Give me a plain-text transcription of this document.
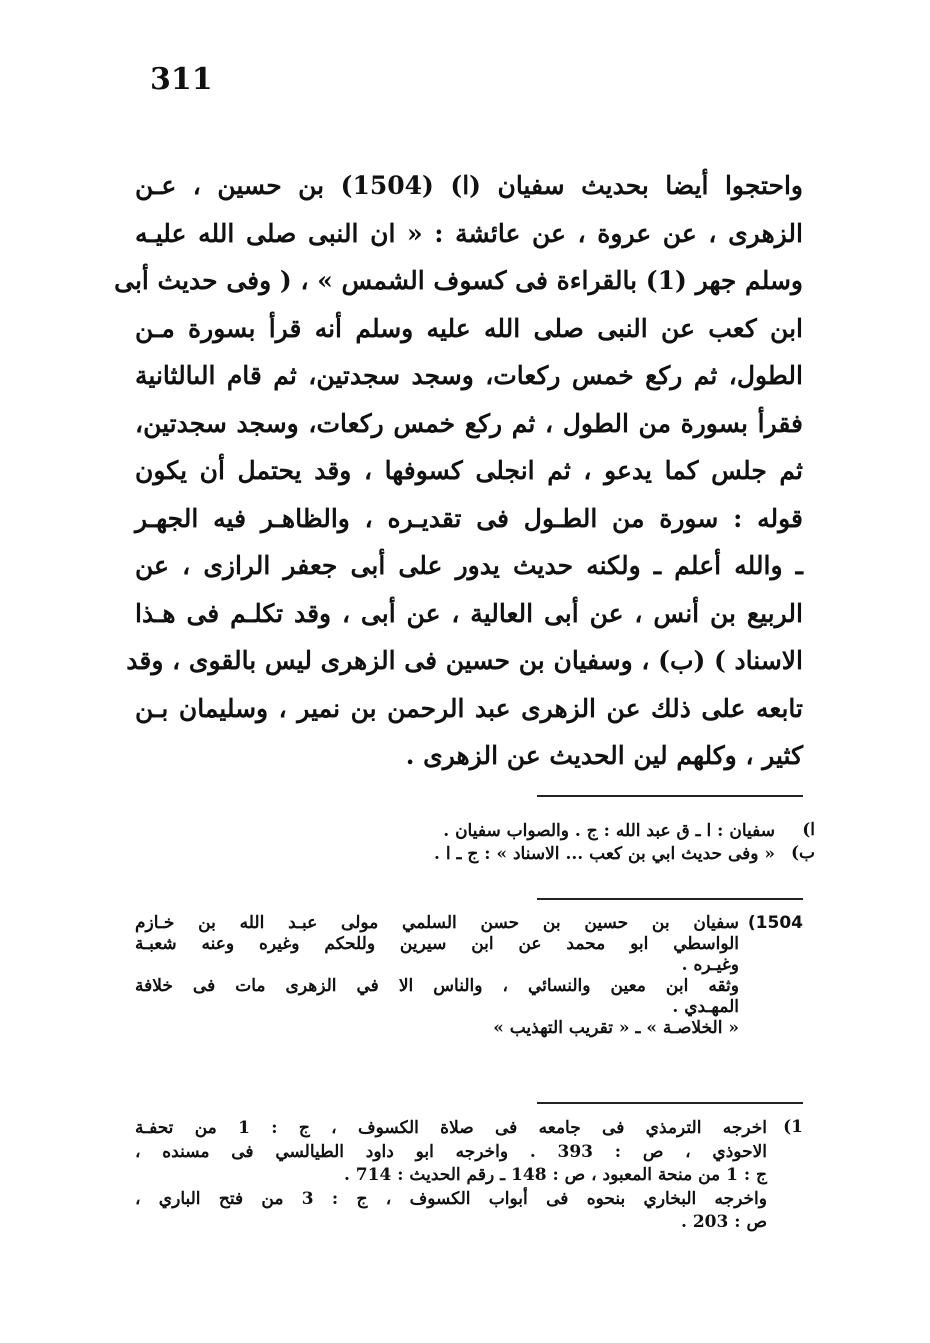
311
واحتجوا أيضا بحديث سفيان (ا) (1504) بن حسين ، عـن
الزهرى ، عن عروة ، عن عائشة : « ان النبى صلى الله عليـه
وسلم جهر (1) بالقراءة فى كسوف الشمس » ، ( وفى حديث أبى
ابن كعب عن النبى صلى الله عليه وسلم أنه قرأ بسورة مـن
الطول، ثم ركع خمس ركعات، وسجد سجدتين، ثم قام الىالثانية
فقرأ بسورة من الطول ، ثم ركع خمس ركعات، وسجد سجدتين،
ثم جلس كما يدعو ، ثم انجلى كسوفها ، وقد يحتمل أن يكون
قوله : سورة من الطـول فى تقديـره ، والظاهـر فيه الجهـر
ـ والله أعلم ـ ولكنه حديث يدور على أبى جعفر الرازى ، عن
الربيع بن أنس ، عن أبى العالية ، عن أبى ، وقد تكلـم فى هـذا
الاسناد ) (ب) ، وسفيان بن حسين فى الزهرى ليس بالقوى ، وقد
تابعه على ذلك عن الزهرى عبد الرحمن بن نمير ، وسليمان بـن
كثير ، وكلهم لين الحديث عن الزهرى .
ا)
سفيان : ا ـ ق عبد الله : ج . والصواب سفيان .
ب)
« وفى حديث ابي بن كعب ... الاسناد » : ج ـ ا .
1504)
سفيان بن حسين بن حسن السلمي مولى عبـد الله بن خـازم
الواسطي ابو محمد عن ابن سيرين وللحكم وغيره وعنه شعبـة
وغيـره .
وثقه ابن معين والنسائي ، والناس الا في الزهرى مات فى خلافة
المهـدي .
« الخلاصـة » ـ « تقريب التهذيب »
1)
اخرجه الترمذي فى جامعه فى صلاة الكسوف ، ج : 1 من تحفـة
الاحوذي ، ص : 393 . واخرجه ابو داود الطيالسي فى مسنده ،
ج : 1 من منحة المعبود ، ص : 148 ـ رقم الحديث : 714 .
واخرجه البخاري بنحوه فى أبواب الكسوف ، ج : 3 من فتح الباري ،
ص : 203 .
